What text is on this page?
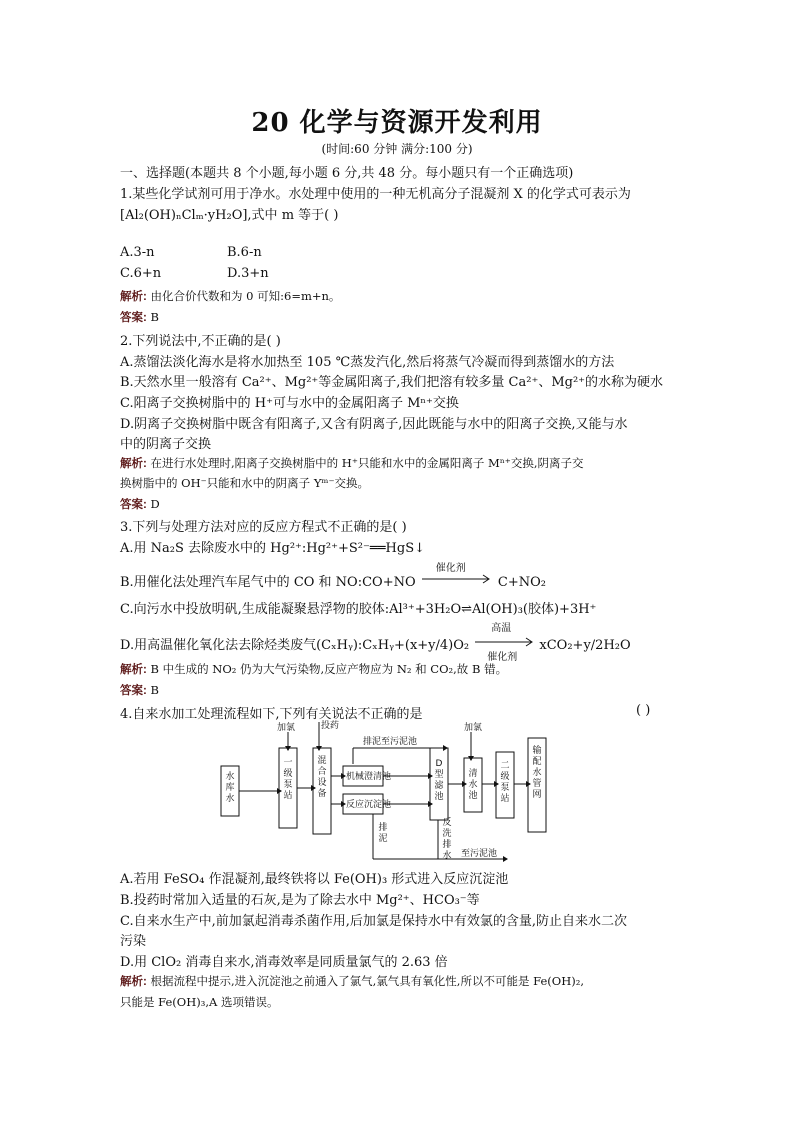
20 化学与资源开发利用
(时间:60 分钟 满分:100 分)
一、选择题(本题共 8 个小题,每小题 6 分,共 48 分。每小题只有一个正确选项)
1.某些化学试剂可用于净水。水处理中使用的一种无机高分子混凝剂 X 的化学式可表示为
[Al₂(OH)ₙClₘ·yH₂O],式中 m 等于( )
A.3-n	B.6-n
C.6+n	D.3+n
解析: 由化合价代数和为 0 可知:6=m+n。
答案: B
2.下列说法中,不正确的是( )
A.蒸馏法淡化海水是将水加热至 105 ℃蒸发汽化,然后将蒸气冷凝而得到蒸馏水的方法
B.天然水里一般溶有 Ca²⁺、Mg²⁺等金属阳离子,我们把溶有较多量 Ca²⁺、Mg²⁺的水称为硬水
C.阳离子交换树脂中的 H⁺可与水中的金属阳离子 Mⁿ⁺交换
D.阴离子交换树脂中既含有阳离子,又含有阴离子,因此既能与水中的阳离子交换,又能与水
中的阴离子交换
解析: 在进行水处理时,阳离子交换树脂中的 H⁺只能和水中的金属阳离子 Mⁿ⁺交换,阴离子交
换树脂中的 OH⁻只能和水中的阴离子 Yᵐ⁻交换。
答案: D
3.下列与处理方法对应的反应方程式不正确的是( )
A.用 Na₂S 去除废水中的 Hg²⁺:Hg²⁺+S²⁻══HgS↓
B.用催化法处理汽车尾气中的 CO 和 NO:CO+NO
催化剂
C+NO₂
C.向污水中投放明矾,生成能凝聚悬浮物的胶体:Al³⁺+3H₂O⇌Al(OH)₃(胶体)+3H⁺
D.用高温催化氧化法去除烃类废气(CₓHᵧ):CₓHᵧ+(x+y/4)O₂
高温
催化剂
xCO₂+y/2H₂O
解析: B 中生成的 NO₂ 仍为大气污染物,反应产物应为 N₂ 和 CO₂,故 B 错。
答案: B
4.自来水加工处理流程如下,下列有关说法不正确的是	( )
加氯	投药
排泥至污泥池
加氯
机械澄清池
反应沉淀池
至污泥池
水库水
一级泵站
混合设备
D 型滤池
清水池
二级泵站
输配水管网
排泥
反洗排水
A.若用 FeSO₄ 作混凝剂,最终铁将以 Fe(OH)₃ 形式进入反应沉淀池
B.投药时常加入适量的石灰,是为了除去水中 Mg²⁺、HCO₃⁻等
C.自来水生产中,前加氯起消毒杀菌作用,后加氯是保持水中有效氯的含量,防止自来水二次
污染
D.用 ClO₂ 消毒自来水,消毒效率是同质量氯气的 2.63 倍
解析: 根据流程中提示,进入沉淀池之前通入了氯气,氯气具有氧化性,所以不可能是 Fe(OH)₂,
只能是 Fe(OH)₃,A 选项错误。
